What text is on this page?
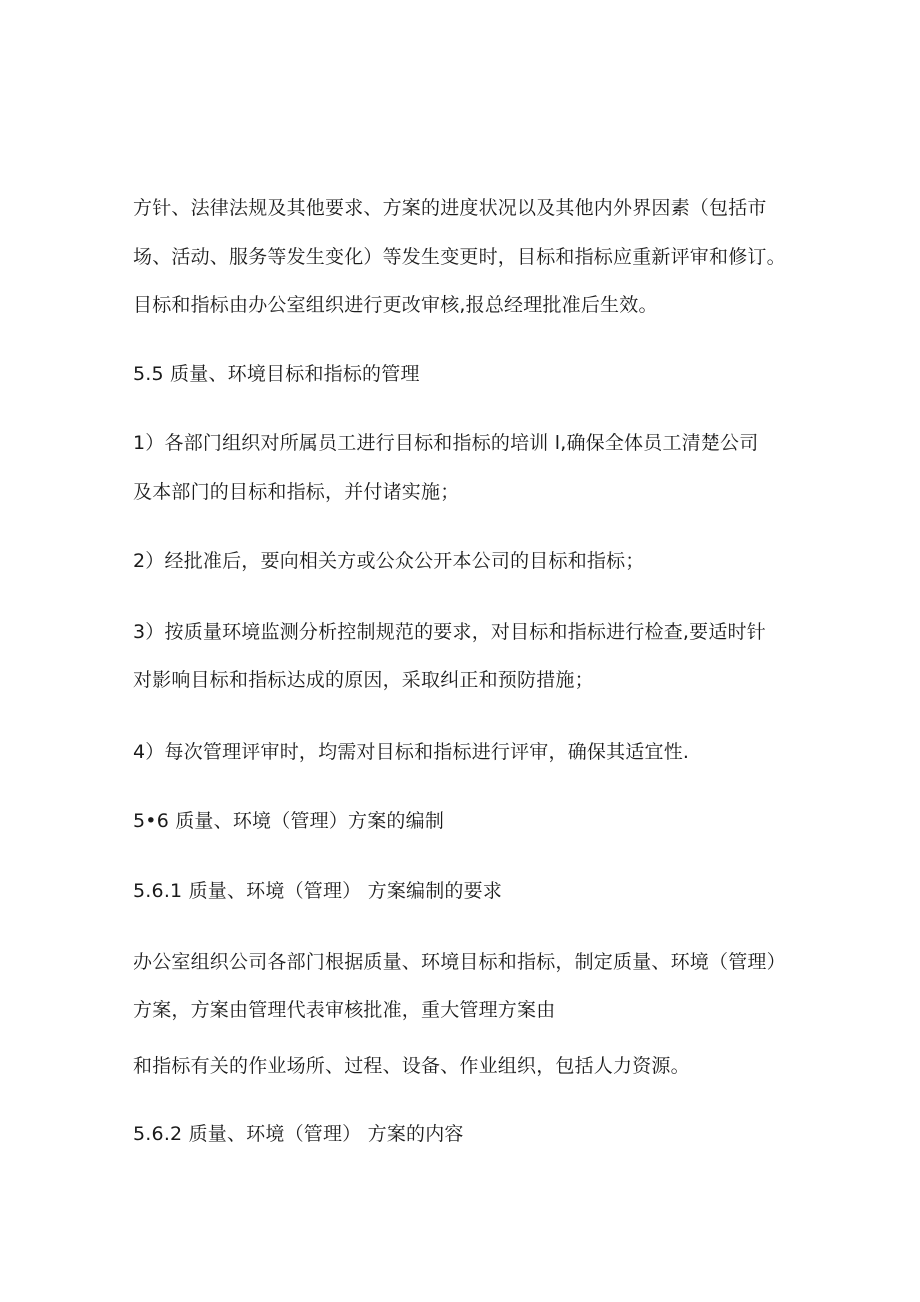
方针、法律法规及其他要求、方案的进度状况以及其他内外界因素（包括市
场、活动、服务等发生变化）等发生变更时，目标和指标应重新评审和修订。
目标和指标由办公室组织进行更改审核,报总经理批准后生效。
5.5 质量、环境目标和指标的管理
1）各部门组织对所属员工进行目标和指标的培训 l,确保全体员工清楚公司
及本部门的目标和指标，并付诸实施；
2）经批准后，要向相关方或公众公开本公司的目标和指标；
3）按质量环境监测分析控制规范的要求，对目标和指标进行检查,要适时针
对影响目标和指标达成的原因，采取纠正和预防措施；
4）每次管理评审时，均需对目标和指标进行评审，确保其适宜性.
5•6 质量、环境（管理）方案的编制
5.6.1 质量、环境（管理） 方案编制的要求
办公室组织公司各部门根据质量、环境目标和指标，制定质量、环境（管理）
方案，方案由管理代表审核批准，重大管理方案由
和指标有关的作业场所、过程、设备、作业组织，包括人力资源。
5.6.2 质量、环境（管理） 方案的内容
